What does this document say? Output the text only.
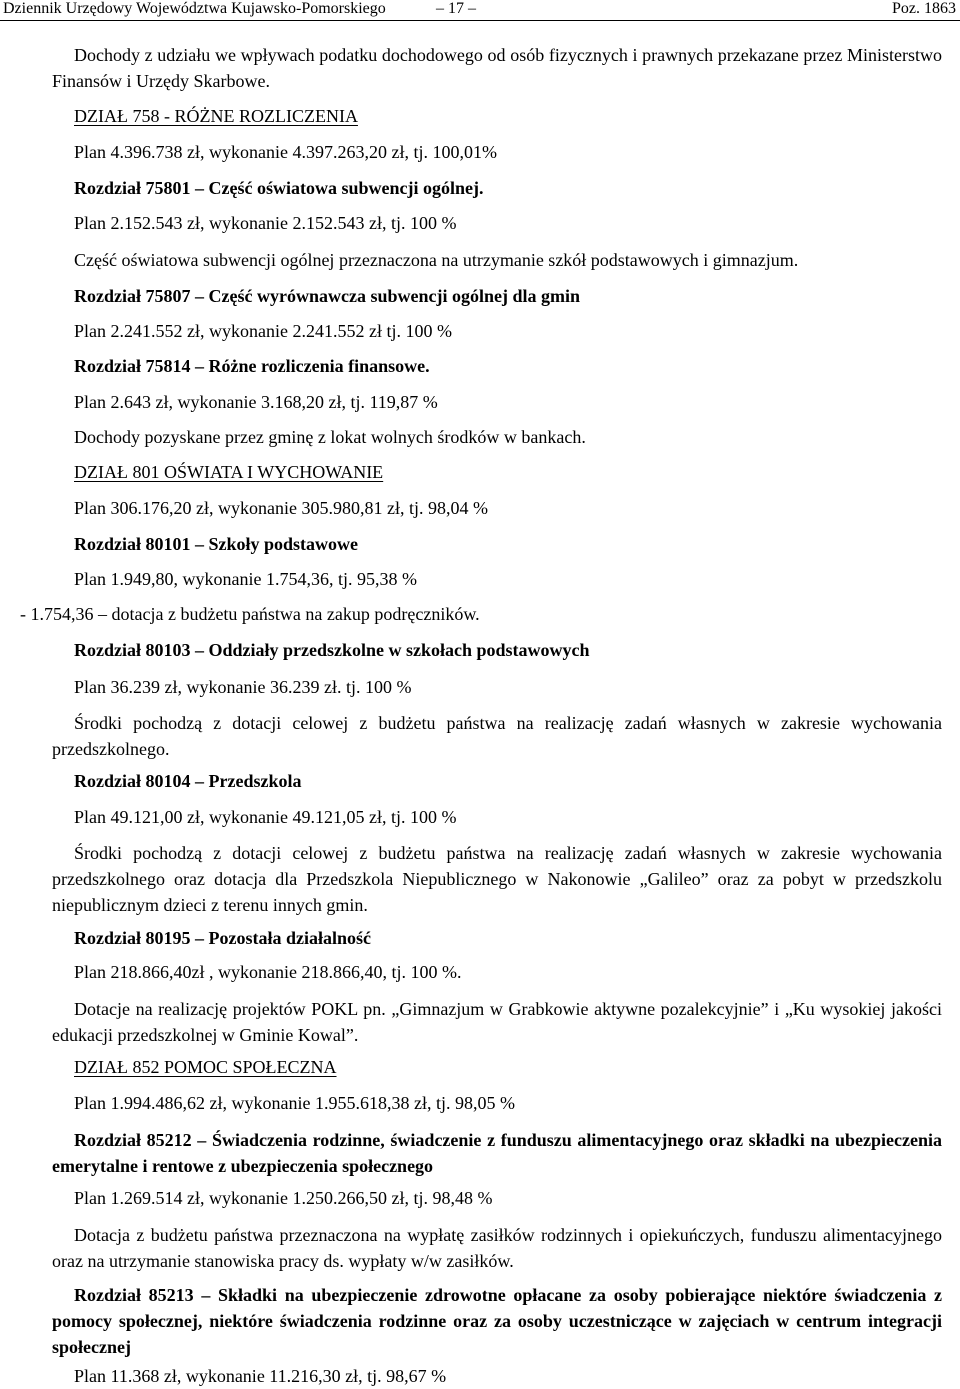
Dziennik Urzędowy Województwa Kujawsko-Pomorskiego	– 17 –	Poz. 1863
Dochody z udziału we wpływach podatku dochodowego od osób fizycznych i prawnych przekazane przez Ministerstwo Finansów i Urzędy Skarbowe.
DZIAŁ 758 - RÓŻNE ROZLICZENIA
Plan 4.396.738 zł, wykonanie 4.397.263,20 zł, tj. 100,01%
Rozdział 75801 – Część oświatowa subwencji ogólnej.
Plan 2.152.543 zł, wykonanie 2.152.543 zł, tj. 100 %
Część oświatowa subwencji ogólnej przeznaczona na utrzymanie szkół podstawowych i gimnazjum.
Rozdział 75807 – Część wyrównawcza subwencji ogólnej dla gmin
Plan 2.241.552 zł, wykonanie 2.241.552 zł tj. 100 %
Rozdział 75814 – Różne rozliczenia finansowe.
Plan 2.643 zł, wykonanie 3.168,20 zł, tj. 119,87 %
Dochody pozyskane przez gminę z lokat wolnych środków w bankach.
DZIAŁ 801 OŚWIATA I WYCHOWANIE
Plan 306.176,20 zł, wykonanie 305.980,81 zł, tj. 98,04 %
Rozdział 80101 – Szkoły podstawowe
Plan 1.949,80, wykonanie 1.754,36, tj. 95,38 %
- 1.754,36 – dotacja z budżetu państwa na zakup podręczników.
Rozdział 80103 – Oddziały przedszkolne w szkołach podstawowych
Plan 36.239 zł, wykonanie 36.239 zł. tj. 100 %
Środki pochodzą z dotacji celowej z budżetu państwa na realizację zadań własnych w zakresie wychowania przedszkolnego.
Rozdział 80104 – Przedszkola
Plan 49.121,00 zł, wykonanie 49.121,05 zł, tj. 100 %
Środki pochodzą z dotacji celowej z budżetu państwa na realizację zadań własnych w zakresie wychowania przedszkolnego oraz dotacja dla Przedszkola Niepublicznego w Nakonowie „Galileo” oraz za pobyt w przedszkolu niepublicznym dzieci z terenu innych gmin.
Rozdział 80195 – Pozostała działalność
Plan 218.866,40zł , wykonanie 218.866,40, tj. 100 %.
Dotacje na realizację projektów POKL pn. „Gimnazjum w Grabkowie aktywne pozalekcyjnie” i „Ku wysokiej jakości edukacji przedszkolnej w Gminie Kowal”.
DZIAŁ 852 POMOC SPOŁECZNA
Plan 1.994.486,62 zł, wykonanie 1.955.618,38 zł, tj. 98,05 %
Rozdział 85212 – Świadczenia rodzinne, świadczenie z funduszu alimentacyjnego oraz składki na ubezpieczenia emerytalne i rentowe z ubezpieczenia społecznego
Plan 1.269.514 zł, wykonanie 1.250.266,50 zł, tj. 98,48 %
Dotacja z budżetu państwa przeznaczona na wypłatę zasiłków rodzinnych i opiekuńczych, funduszu alimentacyjnego oraz na utrzymanie stanowiska pracy ds. wypłaty w/w zasiłków.
Rozdział 85213 – Składki na ubezpieczenie zdrowotne opłacane za osoby pobierające niektóre świadczenia z pomocy społecznej, niektóre świadczenia rodzinne oraz za osoby uczestniczące w zajęciach w centrum integracji społecznej
Plan 11.368 zł, wykonanie 11.216,30 zł, tj. 98,67 %
